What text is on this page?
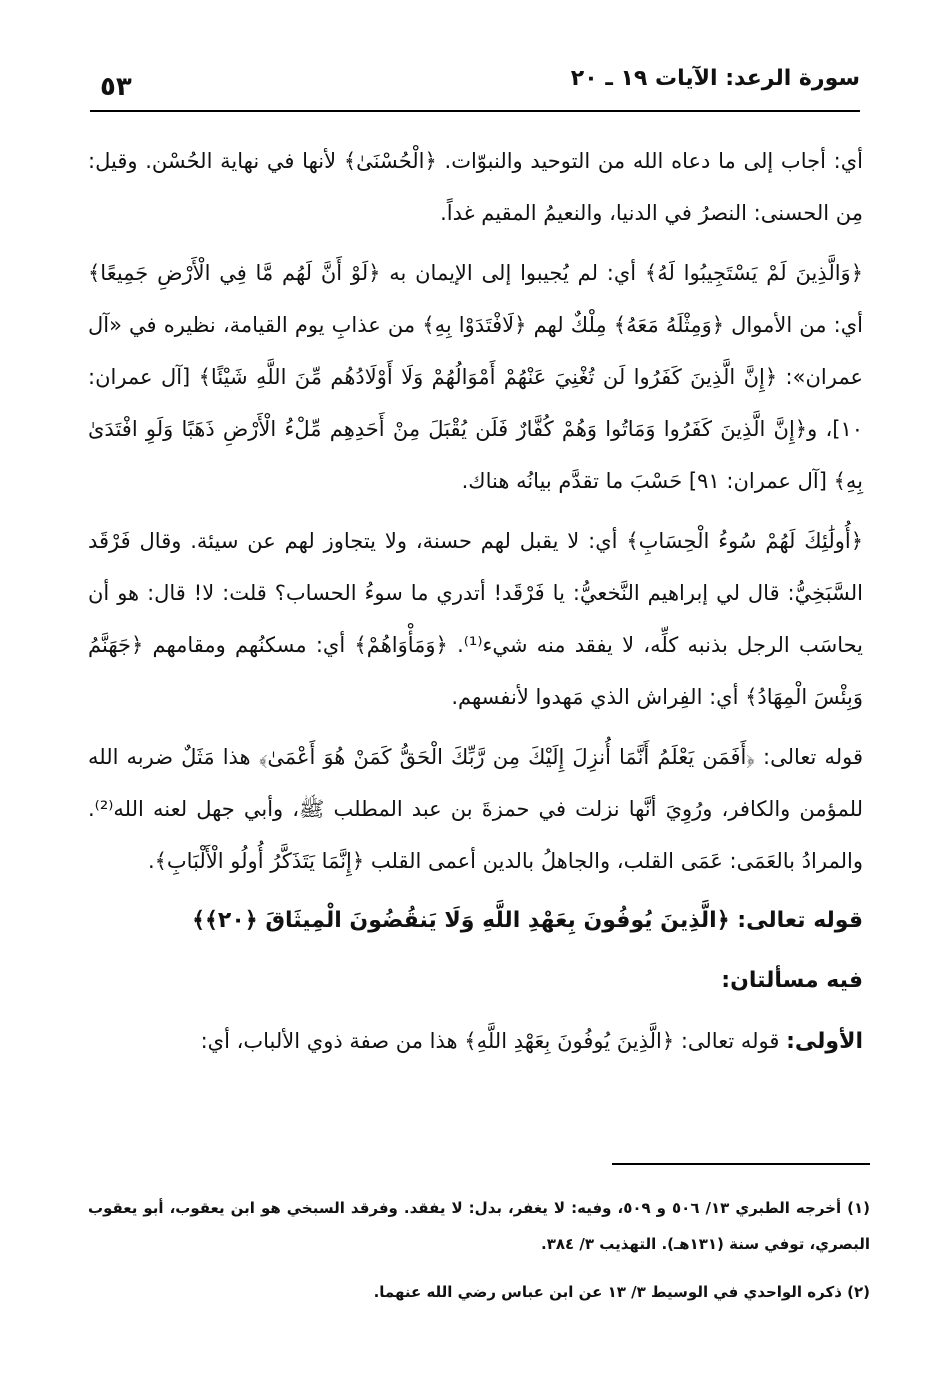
سورة الرعد: الآيات ١٩ ـ ٢٠
٥٣

أي: أجاب إلى ما دعاه الله من التوحيد والنبوّات. ﴿الْحُسْنَىٰ﴾ لأنها في نهاية الحُسْن. وقيل: مِن الحسنى: النصرُ في الدنيا، والنعيمُ المقيم غداً.

﴿وَالَّذِينَ لَمْ يَسْتَجِيبُوا لَهُ﴾ أي: لم يُجيبوا إلى الإيمان به ﴿لَوْ أَنَّ لَهُم مَّا فِي الْأَرْضِ جَمِيعًا﴾ أي: من الأموال ﴿وَمِثْلَهُ مَعَهُ﴾ مِلْكٌ لهم ﴿لَافْتَدَوْا بِهِ﴾ من عذابِ يوم القيامة، نظيره في «آل عمران»: ﴿إِنَّ الَّذِينَ كَفَرُوا لَن تُغْنِيَ عَنْهُمْ أَمْوَالُهُمْ وَلَا أَوْلَادُهُم مِّنَ اللَّهِ شَيْئًا﴾ [آل عمران: ١٠]، و﴿إِنَّ الَّذِينَ كَفَرُوا وَمَاتُوا وَهُمْ كُفَّارٌ فَلَن يُقْبَلَ مِنْ أَحَدِهِم مِّلْءُ الْأَرْضِ ذَهَبًا وَلَوِ افْتَدَىٰ بِهِ﴾ [آل عمران: ٩١] حَسْبَ ما تقدَّم بيانُه هناك.

﴿أُولَٰئِكَ لَهُمْ سُوءُ الْحِسَابِ﴾ أي: لا يقبل لهم حسنة، ولا يتجاوز لهم عن سيئة. وقال فَرْقَد السَّبَخِيُّ: قال لي إبراهيم النَّخعيُّ: يا فَرْقَد! أتدري ما سوءُ الحساب؟ قلت: لا! قال: هو أن يحاسَب الرجل بذنبه كلِّه، لا يفقد منه شيء⁽¹⁾. ﴿وَمَأْوَاهُمْ﴾ أي: مسكنُهم ومقامهم ﴿جَهَنَّمُ وَبِئْسَ الْمِهَادُ﴾ أي: الفِراش الذي مَهدوا لأنفسهم.

قوله تعالى: ﴿أَفَمَن يَعْلَمُ أَنَّمَا أُنزِلَ إِلَيْكَ مِن رَّبِّكَ الْحَقُّ كَمَنْ هُوَ أَعْمَىٰ﴾ هذا مَثَلٌ ضربه الله للمؤمن والكافر، ورُوِيَ أنَّها نزلت في حمزةَ بن عبد المطلب ﷺ، وأبي جهل لعنه الله⁽²⁾. والمرادُ بالعَمَى: عَمَى القلب، والجاهلُ بالدين أعمى القلب ﴿إِنَّمَا يَتَذَكَّرُ أُولُو الْأَلْبَابِ﴾.

قوله تعالى: ﴿الَّذِينَ يُوفُونَ بِعَهْدِ اللَّهِ وَلَا يَنقُضُونَ الْمِيثَاقَ ﴿٢٠﴾﴾

فيه مسألتان:

الأولى: قوله تعالى: ﴿الَّذِينَ يُوفُونَ بِعَهْدِ اللَّهِ﴾ هذا من صفة ذوي الألباب، أي:

(١) أخرجه الطبري ١٣/ ٥٠٦ و ٥٠٩، وفيه: لا يغفر، بدل: لا يفقد. وفرقد السبخي هو ابن يعقوب، أبو يعقوب البصري، توفي سنة (١٣١هـ). التهذيب ٣/ ٣٨٤.

(٢) ذكره الواحدي في الوسيط ٣/ ١٣ عن ابن عباس رضي الله عنهما.
